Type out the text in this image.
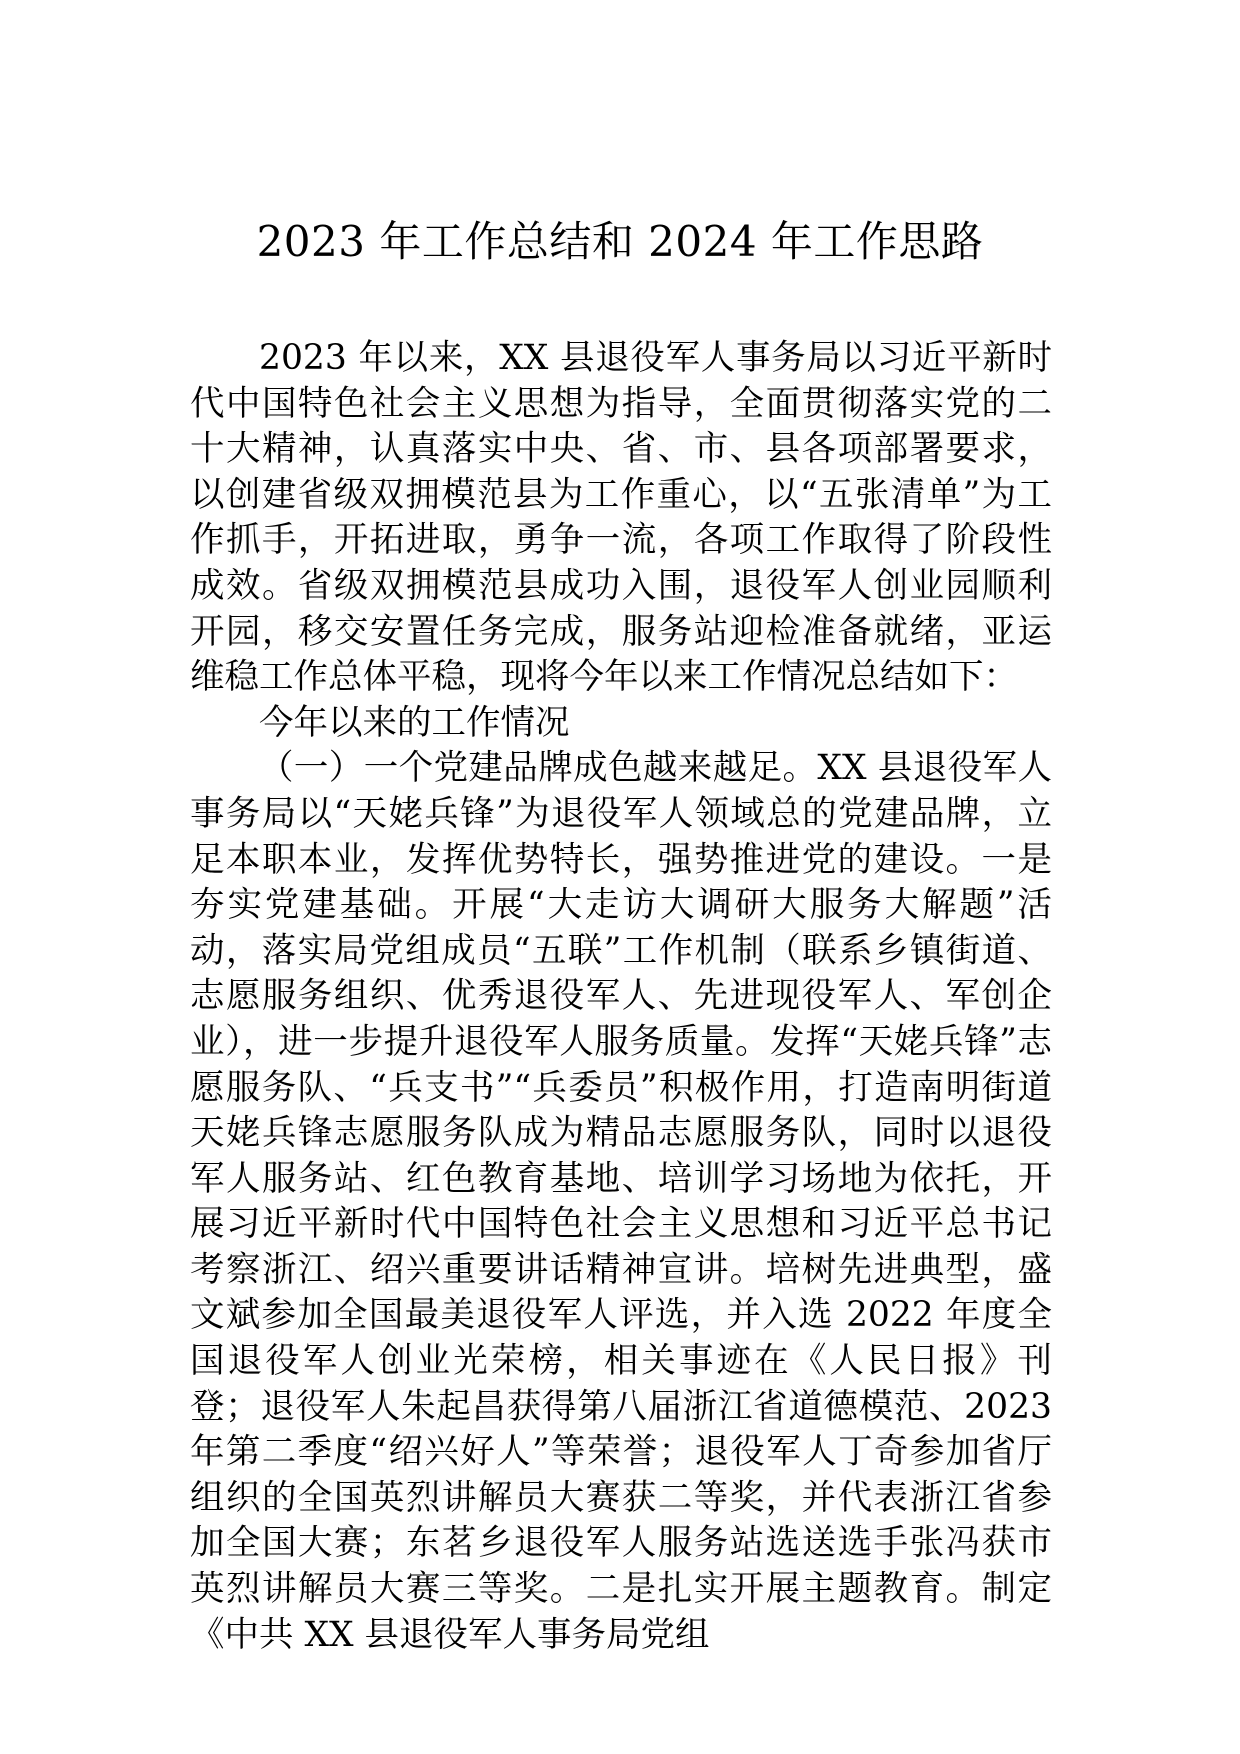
2023 年工作总结和 2024 年工作思路

2023 年以来，XX 县退役军人事务局以习近平新时代中国特色社会主义思想为指导，全面贯彻落实党的二十大精神，认真落实中央、省、市、县各项部署要求，以创建省级双拥模范县为工作重心，以“五张清单”为工作抓手，开拓进取，勇争一流，各项工作取得了阶段性成效。省级双拥模范县成功入围，退役军人创业园顺利开园，移交安置任务完成，服务站迎检准备就绪，亚运维稳工作总体平稳，现将今年以来工作情况总结如下：

今年以来的工作情况

（一）一个党建品牌成色越来越足。XX 县退役军人事务局以“天姥兵锋”为退役军人领域总的党建品牌，立足本职本业，发挥优势特长，强势推进党的建设。一是夯实党建基础。开展“大走访大调研大服务大解题”活动，落实局党组成员“五联”工作机制（联系乡镇街道、志愿服务组织、优秀退役军人、先进现役军人、军创企业），进一步提升退役军人服务质量。发挥“天姥兵锋”志愿服务队、“兵支书”“兵委员”积极作用，打造南明街道天姥兵锋志愿服务队成为精品志愿服务队，同时以退役军人服务站、红色教育基地、培训学习场地为依托，开展习近平新时代中国特色社会主义思想和习近平总书记考察浙江、绍兴重要讲话精神宣讲。培树先进典型，盛文斌参加全国最美退役军人评选，并入选 2022 年度全国退役军人创业光荣榜，相关事迹在《人民日报》刊登；退役军人朱起昌获得第八届浙江省道德模范、2023 年第二季度“绍兴好人”等荣誉；退役军人丁奇参加省厅组织的全国英烈讲解员大赛获二等奖，并代表浙江省参加全国大赛；东茗乡退役军人服务站选送选手张冯获市英烈讲解员大赛三等奖。二是扎实开展主题教育。制定《中共 XX 县退役军人事务局党组
